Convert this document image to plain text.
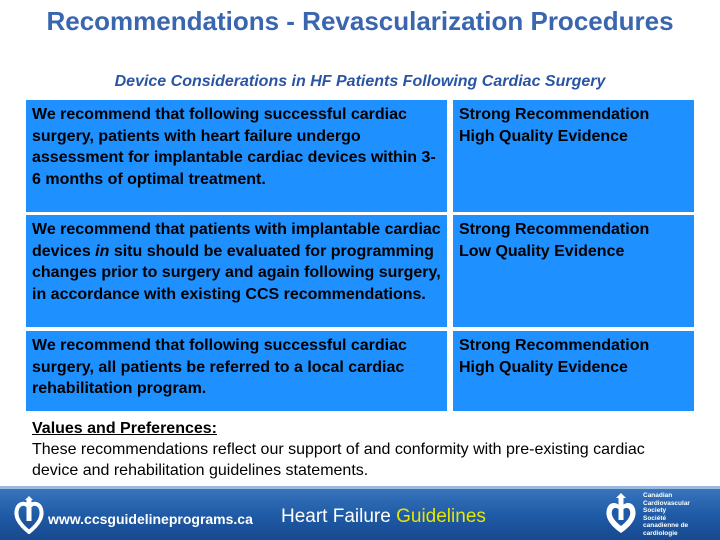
Recommendations - Revascularization Procedures
Device Considerations in HF Patients Following Cardiac Surgery
We recommend that following successful cardiac surgery, patients with heart failure undergo assessment for implantable cardiac devices within 3-6 months of optimal treatment.
Strong Recommendation
High Quality Evidence
We recommend that patients with implantable cardiac devices in situ should be evaluated for programming changes prior to surgery and again following surgery, in accordance with existing CCS recommendations.
Strong Recommendation
Low Quality Evidence
We recommend that following successful cardiac surgery, all patients be referred to a local cardiac rehabilitation program.
Strong Recommendation
High Quality Evidence
Values and Preferences:
These recommendations reflect our support of and conformity with pre-existing cardiac device and rehabilitation guidelines statements.
www.ccsguidelineprograms.ca Heart Failure Guidelines
Canadian
Cardiovascular
Society
Société
canadienne de
cardiologie
